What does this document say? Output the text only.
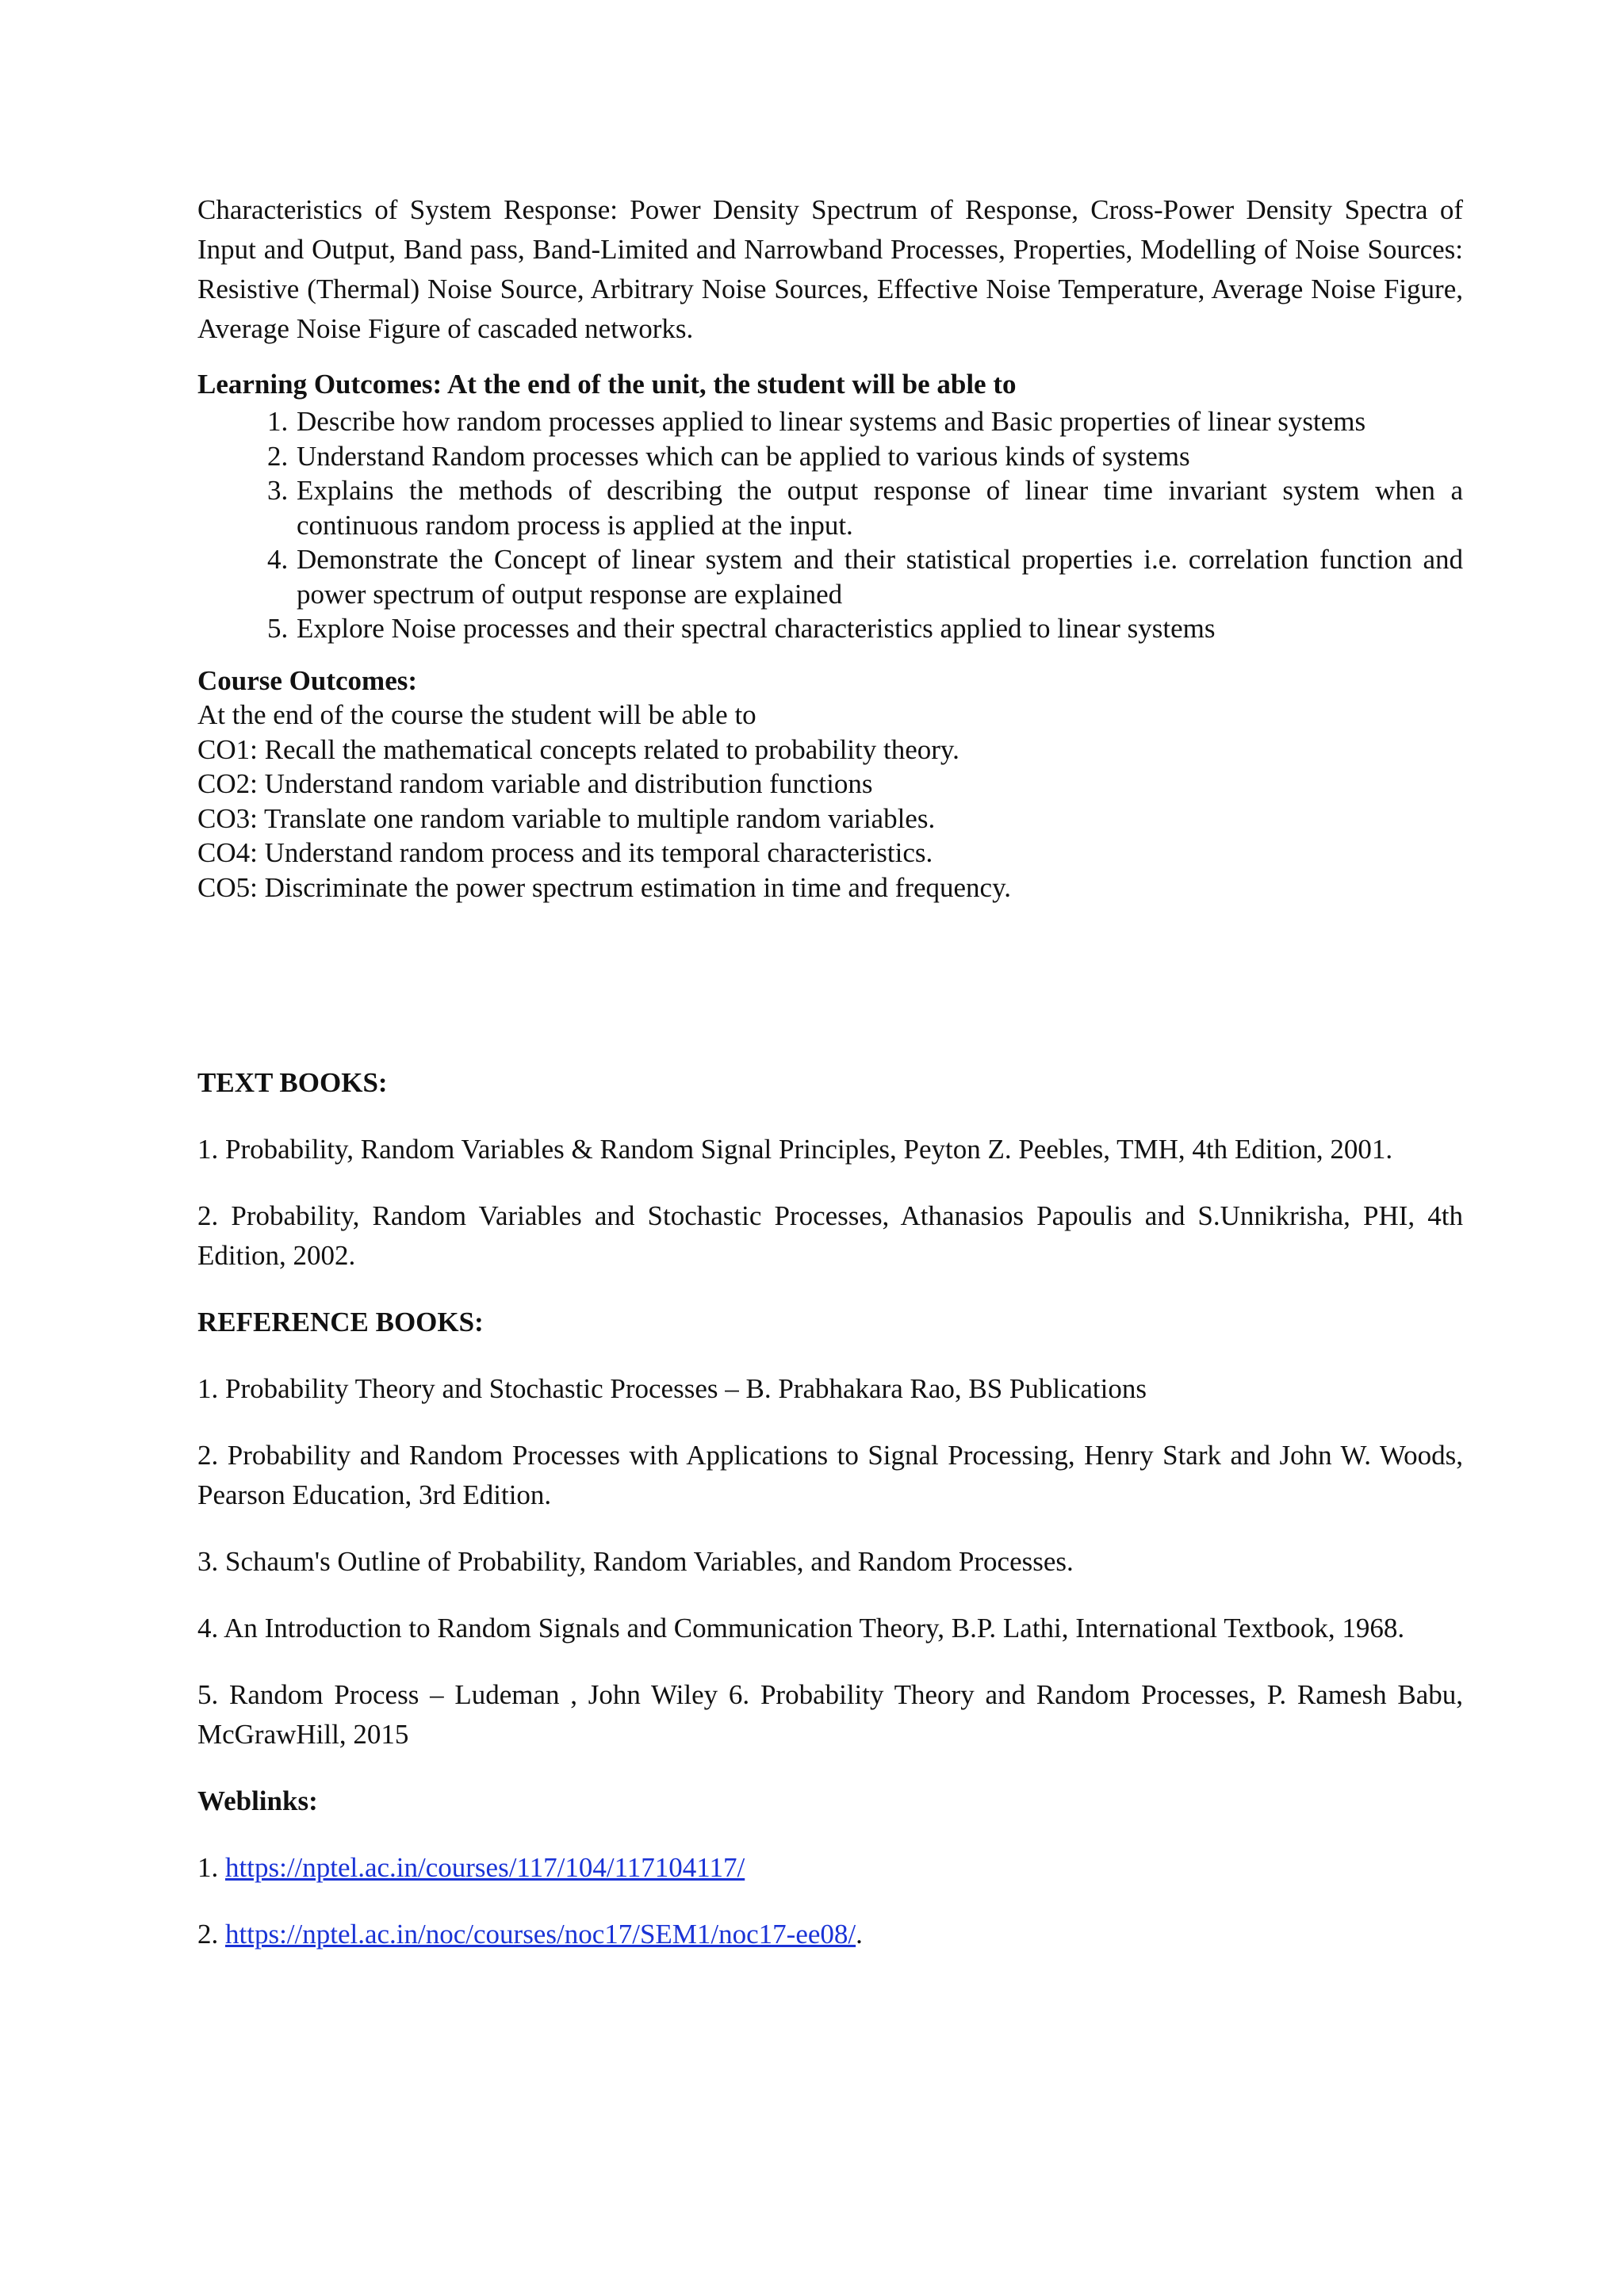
Characteristics of System Response: Power Density Spectrum of Response, Cross-Power Density Spectra of Input and Output, Band pass, Band-Limited and Narrowband Processes, Properties, Modelling of Noise Sources: Resistive (Thermal) Noise Source, Arbitrary Noise Sources, Effective Noise Temperature, Average Noise Figure, Average Noise Figure of cascaded networks.

Learning Outcomes: At the end of the unit, the student will be able to

1. Describe how random processes applied to linear systems and Basic properties of linear systems
2. Understand Random processes which can be applied to various kinds of systems
3. Explains the methods of describing the output response of linear time invariant system when a continuous random process is applied at the input.
4. Demonstrate the Concept of linear system and their statistical properties i.e. correlation function and power spectrum of output response are explained
5. Explore Noise processes and their spectral characteristics applied to linear systems

Course Outcomes:

At the end of the course the student will be able to

CO1: Recall the mathematical concepts related to probability theory.

CO2: Understand random variable and distribution functions

CO3: Translate one random variable to multiple random variables.

CO4: Understand random process and its temporal characteristics.

CO5: Discriminate the power spectrum estimation in time and frequency.

TEXT BOOKS:

1. Probability, Random Variables & Random Signal Principles, Peyton Z. Peebles, TMH, 4th Edition, 2001.

2. Probability, Random Variables and Stochastic Processes, Athanasios Papoulis and S.Unnikrisha, PHI, 4th Edition, 2002.

REFERENCE BOOKS:

1. Probability Theory and Stochastic Processes – B. Prabhakara Rao, BS Publications

2. Probability and Random Processes with Applications to Signal Processing, Henry Stark and John W. Woods, Pearson Education, 3rd Edition.

3. Schaum's Outline of Probability, Random Variables, and Random Processes.

4. An Introduction to Random Signals and Communication Theory, B.P. Lathi, International Textbook, 1968.

5. Random Process – Ludeman , John Wiley 6. Probability Theory and Random Processes, P. Ramesh Babu, McGrawHill, 2015

Weblinks:

1. https://nptel.ac.in/courses/117/104/117104117/

2. https://nptel.ac.in/noc/courses/noc17/SEM1/noc17-ee08/.
